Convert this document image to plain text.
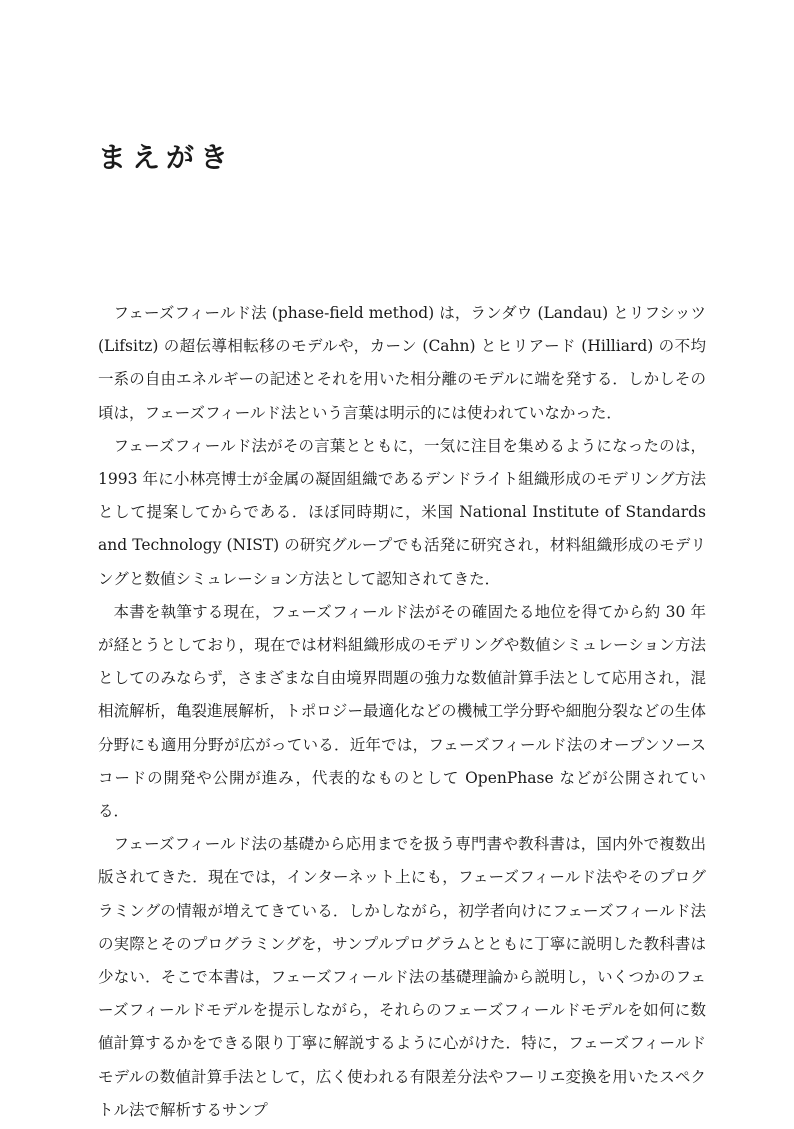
まえがき

フェーズフィールド法 (phase-field method) は，ランダウ (Landau) とリフシッツ (Lifsitz) の超伝導相転移のモデルや，カーン (Cahn) とヒリアード (Hilliard) の不均一系の自由エネルギーの記述とそれを用いた相分離のモデルに端を発する．しかしその頃は，フェーズフィールド法という言葉は明示的には使われていなかった．

フェーズフィールド法がその言葉とともに，一気に注目を集めるようになったのは，1993 年に小林亮博士が金属の凝固組織であるデンドライト組織形成のモデリング方法として提案してからである．ほぼ同時期に，米国 National Institute of Standards and Technology (NIST) の研究グループでも活発に研究され，材料組織形成のモデリングと数値シミュレーション方法として認知されてきた．

本書を執筆する現在，フェーズフィールド法がその確固たる地位を得てから約 30 年が経とうとしており，現在では材料組織形成のモデリングや数値シミュレーション方法としてのみならず，さまざまな自由境界問題の強力な数値計算手法として応用され，混相流解析，亀裂進展解析，トポロジー最適化などの機械工学分野や細胞分裂などの生体分野にも適用分野が広がっている．近年では，フェーズフィールド法のオープンソースコードの開発や公開が進み，代表的なものとして OpenPhase などが公開されている．

フェーズフィールド法の基礎から応用までを扱う専門書や教科書は，国内外で複数出版されてきた．現在では，インターネット上にも，フェーズフィールド法やそのプログラミングの情報が増えてきている．しかしながら，初学者向けにフェーズフィールド法の実際とそのプログラミングを，サンプルプログラムとともに丁寧に説明した教科書は少ない．そこで本書は，フェーズフィールド法の基礎理論から説明し，いくつかのフェーズフィールドモデルを提示しながら，それらのフェーズフィールドモデルを如何に数値計算するかをできる限り丁寧に解説するように心がけた．特に，フェーズフィールドモデルの数値計算手法として，広く使われる有限差分法やフーリエ変換を用いたスペクトル法で解析するサンプ
